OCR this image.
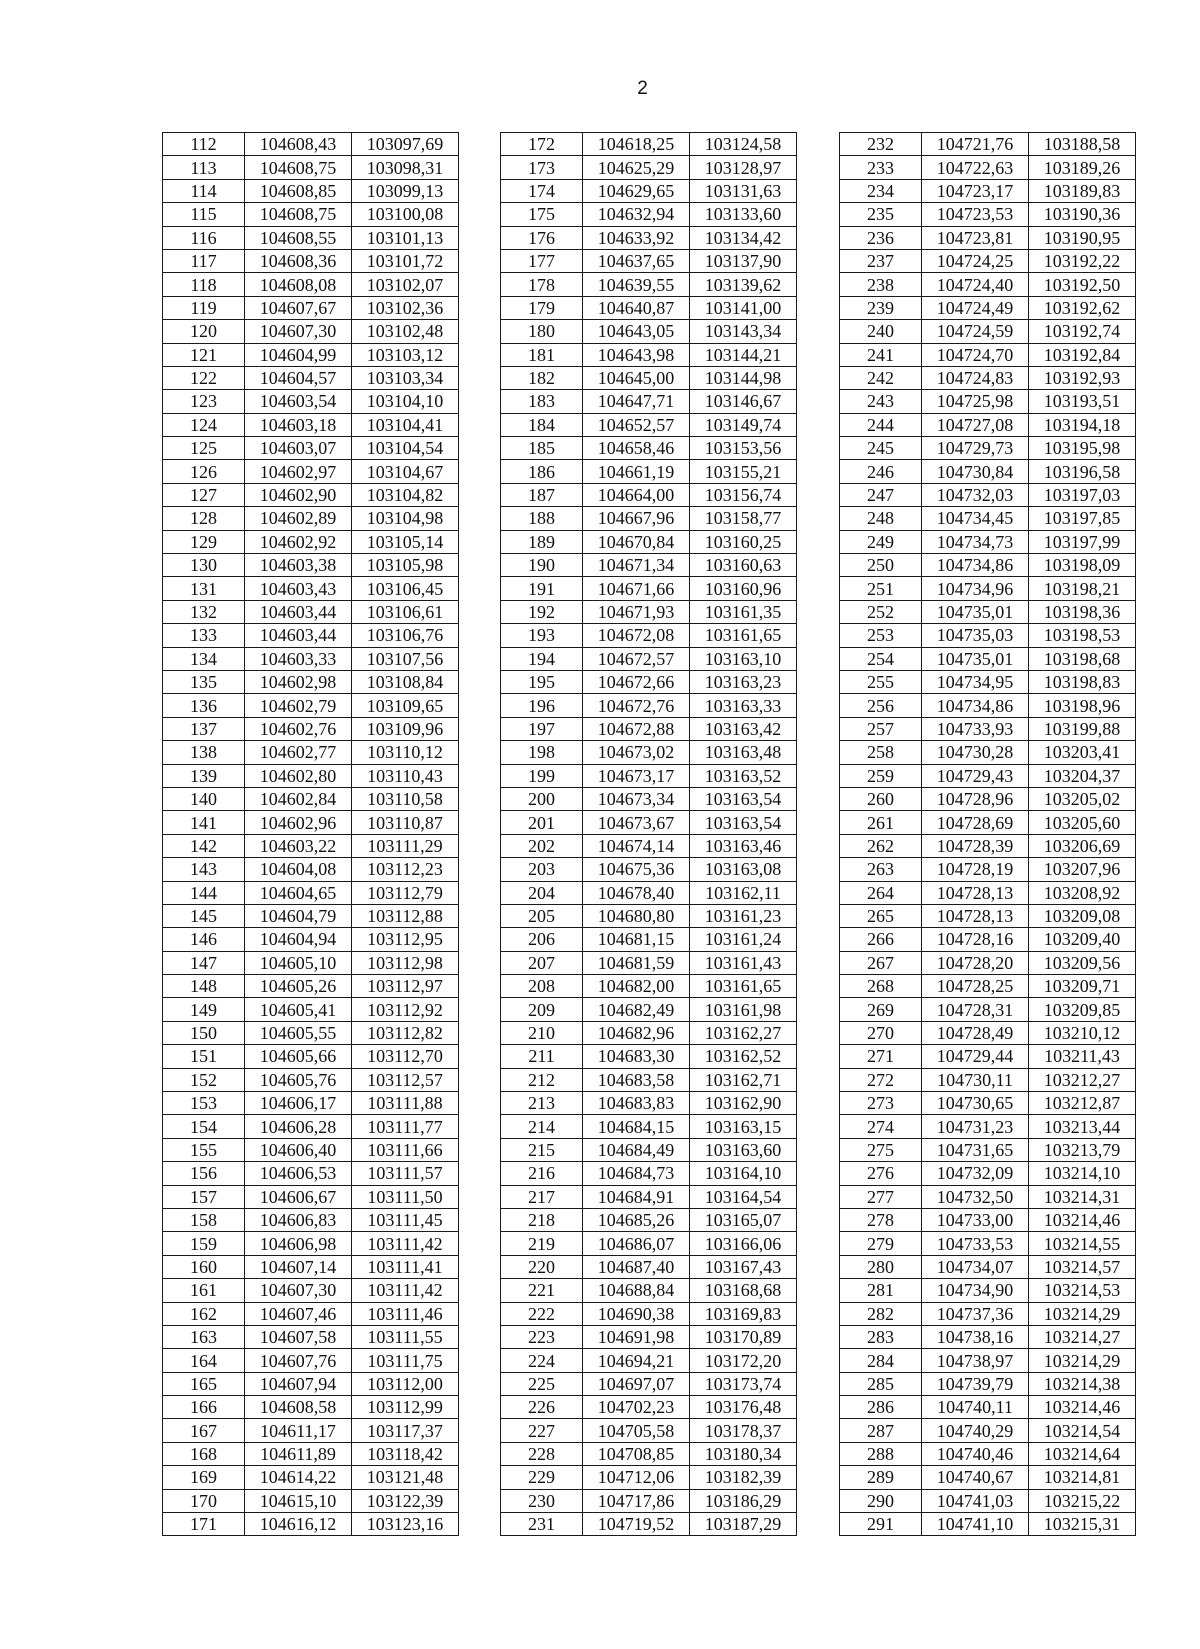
2
112	104608,43	103097,69
113	104608,75	103098,31
114	104608,85	103099,13
115	104608,75	103100,08
116	104608,55	103101,13
117	104608,36	103101,72
118	104608,08	103102,07
119	104607,67	103102,36
120	104607,30	103102,48
121	104604,99	103103,12
122	104604,57	103103,34
123	104603,54	103104,10
124	104603,18	103104,41
125	104603,07	103104,54
126	104602,97	103104,67
127	104602,90	103104,82
128	104602,89	103104,98
129	104602,92	103105,14
130	104603,38	103105,98
131	104603,43	103106,45
132	104603,44	103106,61
133	104603,44	103106,76
134	104603,33	103107,56
135	104602,98	103108,84
136	104602,79	103109,65
137	104602,76	103109,96
138	104602,77	103110,12
139	104602,80	103110,43
140	104602,84	103110,58
141	104602,96	103110,87
142	104603,22	103111,29
143	104604,08	103112,23
144	104604,65	103112,79
145	104604,79	103112,88
146	104604,94	103112,95
147	104605,10	103112,98
148	104605,26	103112,97
149	104605,41	103112,92
150	104605,55	103112,82
151	104605,66	103112,70
152	104605,76	103112,57
153	104606,17	103111,88
154	104606,28	103111,77
155	104606,40	103111,66
156	104606,53	103111,57
157	104606,67	103111,50
158	104606,83	103111,45
159	104606,98	103111,42
160	104607,14	103111,41
161	104607,30	103111,42
162	104607,46	103111,46
163	104607,58	103111,55
164	104607,76	103111,75
165	104607,94	103112,00
166	104608,58	103112,99
167	104611,17	103117,37
168	104611,89	103118,42
169	104614,22	103121,48
170	104615,10	103122,39
171	104616,12	103123,16
172	104618,25	103124,58
173	104625,29	103128,97
174	104629,65	103131,63
175	104632,94	103133,60
176	104633,92	103134,42
177	104637,65	103137,90
178	104639,55	103139,62
179	104640,87	103141,00
180	104643,05	103143,34
181	104643,98	103144,21
182	104645,00	103144,98
183	104647,71	103146,67
184	104652,57	103149,74
185	104658,46	103153,56
186	104661,19	103155,21
187	104664,00	103156,74
188	104667,96	103158,77
189	104670,84	103160,25
190	104671,34	103160,63
191	104671,66	103160,96
192	104671,93	103161,35
193	104672,08	103161,65
194	104672,57	103163,10
195	104672,66	103163,23
196	104672,76	103163,33
197	104672,88	103163,42
198	104673,02	103163,48
199	104673,17	103163,52
200	104673,34	103163,54
201	104673,67	103163,54
202	104674,14	103163,46
203	104675,36	103163,08
204	104678,40	103162,11
205	104680,80	103161,23
206	104681,15	103161,24
207	104681,59	103161,43
208	104682,00	103161,65
209	104682,49	103161,98
210	104682,96	103162,27
211	104683,30	103162,52
212	104683,58	103162,71
213	104683,83	103162,90
214	104684,15	103163,15
215	104684,49	103163,60
216	104684,73	103164,10
217	104684,91	103164,54
218	104685,26	103165,07
219	104686,07	103166,06
220	104687,40	103167,43
221	104688,84	103168,68
222	104690,38	103169,83
223	104691,98	103170,89
224	104694,21	103172,20
225	104697,07	103173,74
226	104702,23	103176,48
227	104705,58	103178,37
228	104708,85	103180,34
229	104712,06	103182,39
230	104717,86	103186,29
231	104719,52	103187,29
232	104721,76	103188,58
233	104722,63	103189,26
234	104723,17	103189,83
235	104723,53	103190,36
236	104723,81	103190,95
237	104724,25	103192,22
238	104724,40	103192,50
239	104724,49	103192,62
240	104724,59	103192,74
241	104724,70	103192,84
242	104724,83	103192,93
243	104725,98	103193,51
244	104727,08	103194,18
245	104729,73	103195,98
246	104730,84	103196,58
247	104732,03	103197,03
248	104734,45	103197,85
249	104734,73	103197,99
250	104734,86	103198,09
251	104734,96	103198,21
252	104735,01	103198,36
253	104735,03	103198,53
254	104735,01	103198,68
255	104734,95	103198,83
256	104734,86	103198,96
257	104733,93	103199,88
258	104730,28	103203,41
259	104729,43	103204,37
260	104728,96	103205,02
261	104728,69	103205,60
262	104728,39	103206,69
263	104728,19	103207,96
264	104728,13	103208,92
265	104728,13	103209,08
266	104728,16	103209,40
267	104728,20	103209,56
268	104728,25	103209,71
269	104728,31	103209,85
270	104728,49	103210,12
271	104729,44	103211,43
272	104730,11	103212,27
273	104730,65	103212,87
274	104731,23	103213,44
275	104731,65	103213,79
276	104732,09	103214,10
277	104732,50	103214,31
278	104733,00	103214,46
279	104733,53	103214,55
280	104734,07	103214,57
281	104734,90	103214,53
282	104737,36	103214,29
283	104738,16	103214,27
284	104738,97	103214,29
285	104739,79	103214,38
286	104740,11	103214,46
287	104740,29	103214,54
288	104740,46	103214,64
289	104740,67	103214,81
290	104741,03	103215,22
291	104741,10	103215,31
